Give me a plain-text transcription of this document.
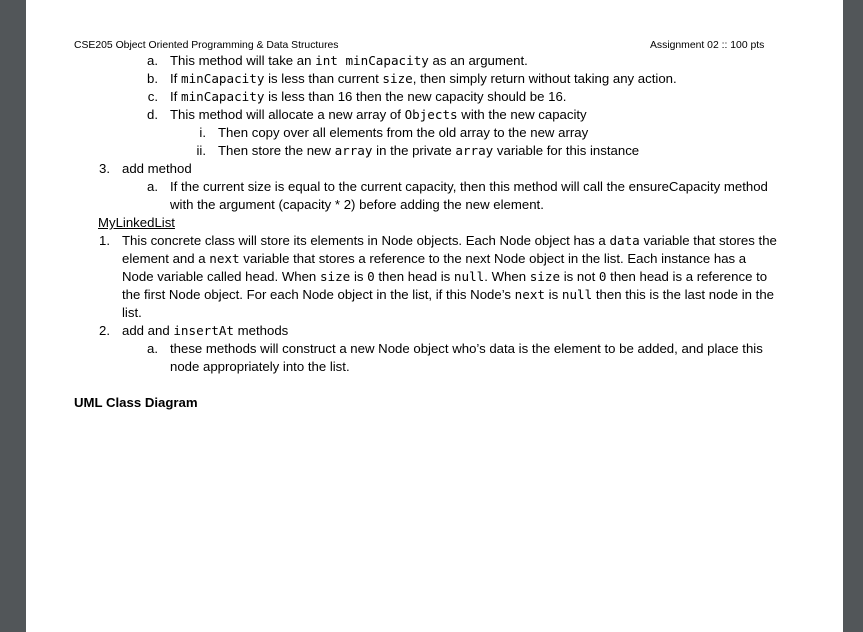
CSE205 Object Oriented Programming & Data Structures	Assignment 02 :: 100 pts
a. This method will take an int minCapacity as an argument.
b. If minCapacity is less than current size, then simply return without taking any action.
c. If minCapacity is less than 16 then the new capacity should be 16.
d. This method will allocate a new array of Objects with the new capacity
i. Then copy over all elements from the old array to the new array
ii. Then store the new array in the private array variable for this instance
3. add method
a. If the current size is equal to the current capacity, then this method will call the ensureCapacity method
with the argument (capacity * 2) before adding the new element.
MyLinkedList
1. This concrete class will store its elements in Node objects. Each Node object has a data variable that stores the
element and a next variable that stores a reference to the next Node object in the list. Each instance has a
Node variable called head. When size is 0 then head is null. When size is not 0 then head is a reference to
the first Node object. For each Node object in the list, if this Node’s next is null then this is the last node in the
list.
2. add and insertAt methods
a. these methods will construct a new Node object who’s data is the element to be added, and place this
node appropriately into the list.
UML Class Diagram
